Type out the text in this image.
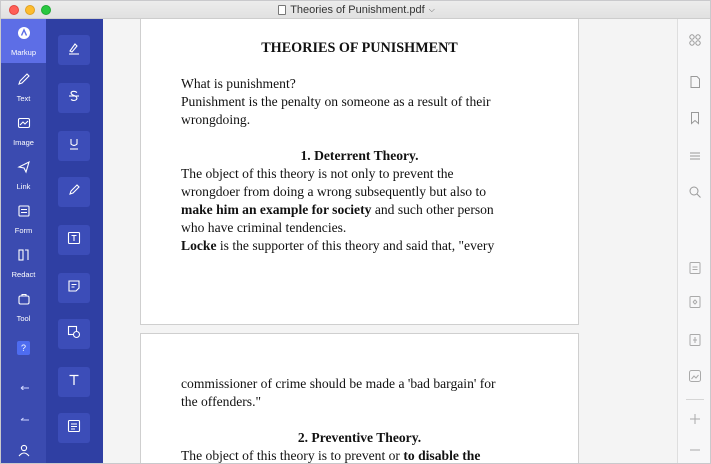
Theories of Punishment.pdf ⌵
Markup
Text
Image
Link
Form
Redact
Tool
?

THEORIES OF PUNISHMENT

What is punishment?

Punishment is the penalty on someone as a result of their

wrongdoing.

1. Deterrent Theory.

The object of this theory is not only to prevent the

wrongdoer from doing a wrong subsequently but also to

make him an example for society and such other person

who have criminal tendencies.

Locke is the supporter of this theory and said that, "every

commissioner of crime should be made a 'bad bargain' for

the offenders."

2. Preventive Theory.

The object of this theory is to prevent or to disable the
